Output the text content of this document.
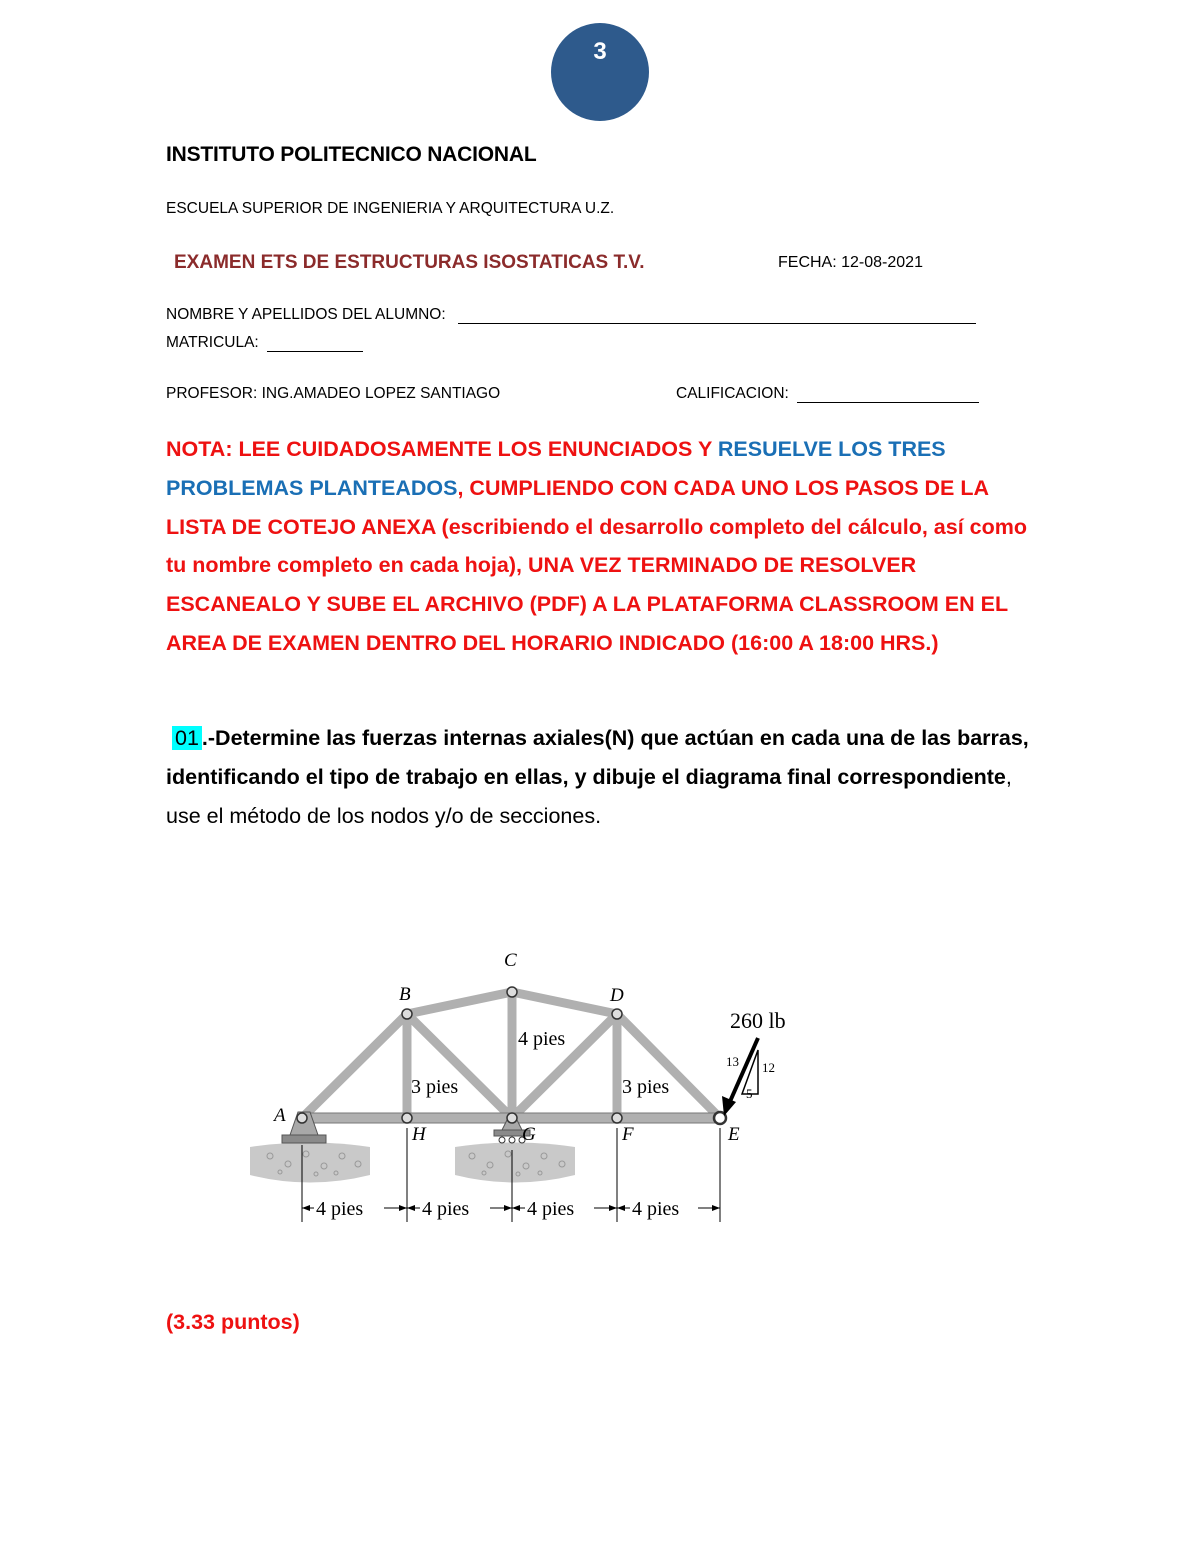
3
INSTITUTO POLITECNICO NACIONAL
ESCUELA SUPERIOR DE INGENIERIA Y ARQUITECTURA U.Z.
EXAMEN ETS DE ESTRUCTURAS ISOSTATICAS T.V.	FECHA: 12-08-2021
NOMBRE Y APELLIDOS DEL ALUMNO:
MATRICULA:
PROFESOR: ING.AMADEO LOPEZ SANTIAGO	CALIFICACION:
NOTA: LEE CUIDADOSAMENTE LOS ENUNCIADOS Y RESUELVE LOS TRES PROBLEMAS PLANTEADOS, CUMPLIENDO CON CADA UNO LOS PASOS DE LA LISTA DE COTEJO ANEXA (escribiendo el desarrollo completo del cálculo, así como tu nombre completo en cada hoja), UNA VEZ TERMINADO DE RESOLVER ESCANEALO Y SUBE EL ARCHIVO (PDF) A LA PLATAFORMA CLASSROOM EN EL AREA DE EXAMEN DENTRO DEL HORARIO INDICADO (16:00 A 18:00 HRS.)
01 .-Determine las fuerzas internas axiales(N) que actúan en cada una de las barras, identificando el tipo de trabajo en ellas, y dibuje el diagrama final correspondiente, use el método de los nodos y/o de secciones.
A
B
C
D
E
F
G
H
4 pies
3 pies	3 pies
260 lb
13 12
5
4 pies	4 pies	4 pies	4 pies
(3.33 puntos)
